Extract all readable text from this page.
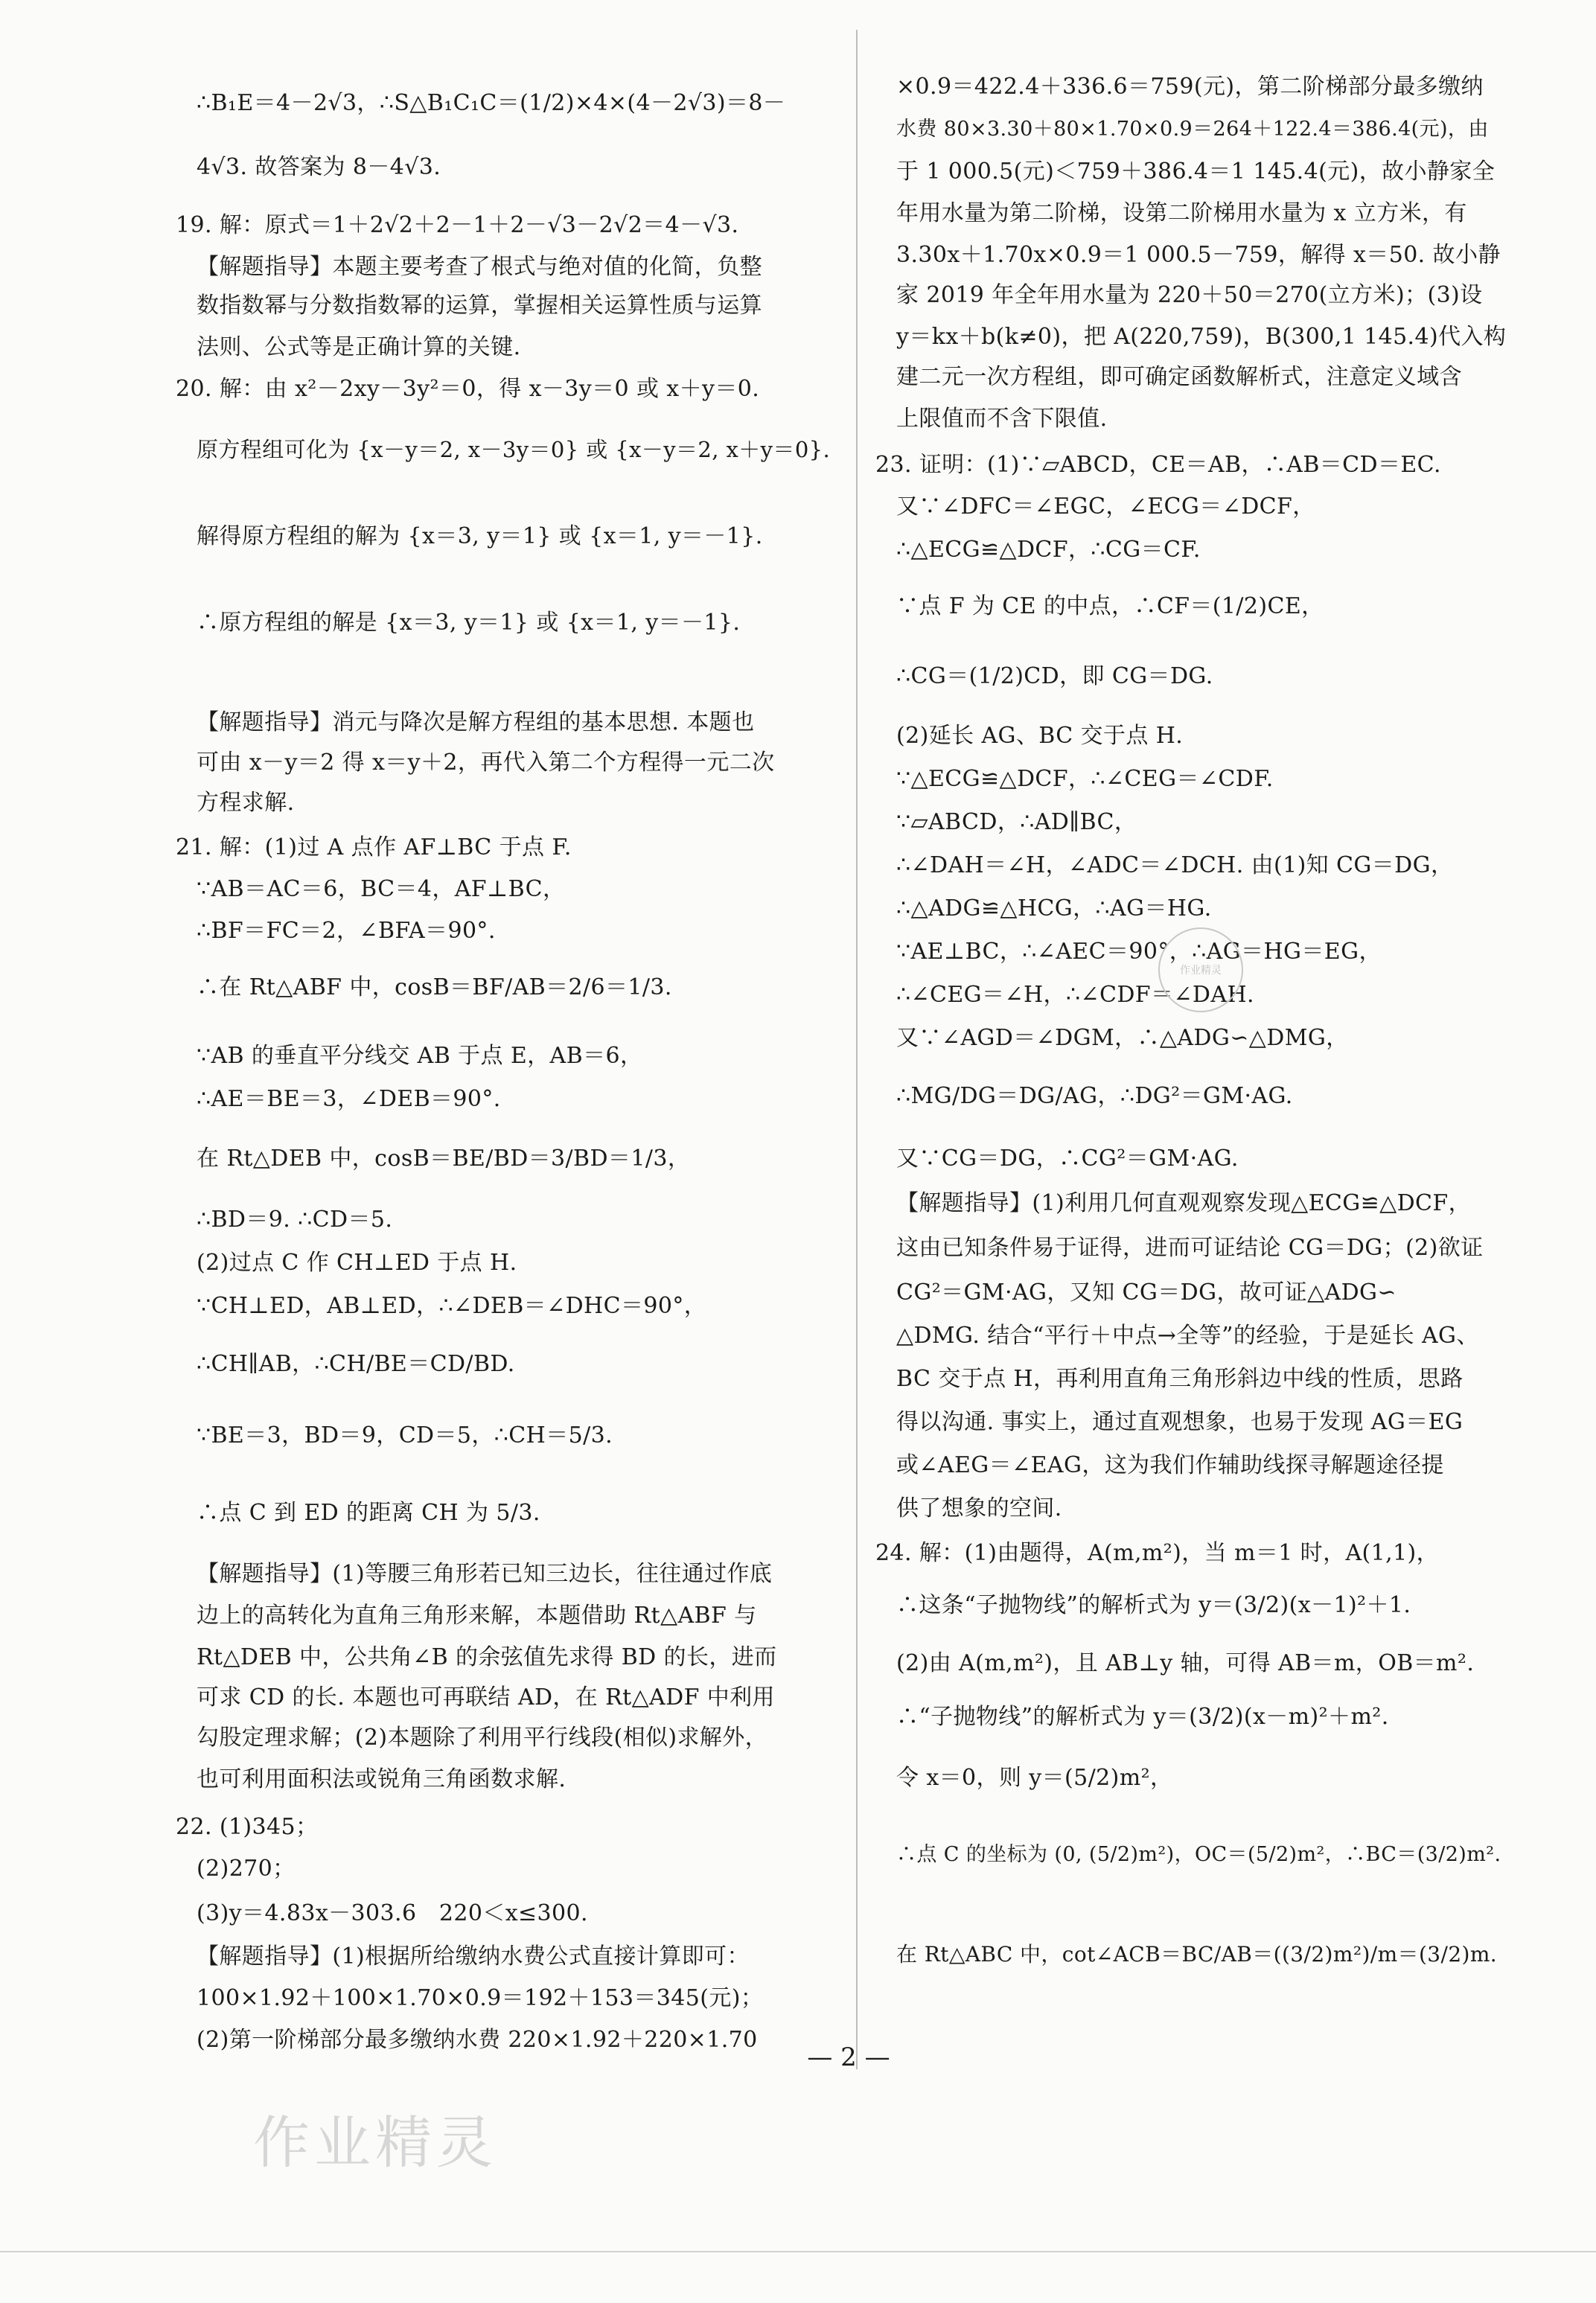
∴B₁E＝4－2√3，∴S△B₁C₁C＝(1/2)×4×(4－2√3)＝8－
4√3. 故答案为 8－4√3.
19. 解：原式＝1＋2√2＋2－1＋2－√3－2√2＝4－√3.
【解题指导】本题主要考查了根式与绝对值的化简，负整
数指数幂与分数指数幂的运算，掌握相关运算性质与运算
法则、公式等是正确计算的关键.
20. 解：由 x²－2xy－3y²＝0，得 x－3y＝0 或 x＋y＝0.
原方程组可化为 {x－y＝2, x－3y＝0} 或 {x－y＝2, x＋y＝0}.
解得原方程组的解为 {x＝3, y＝1} 或 {x＝1, y＝－1}.
∴原方程组的解是 {x＝3, y＝1} 或 {x＝1, y＝－1}.
【解题指导】消元与降次是解方程组的基本思想. 本题也
可由 x－y＝2 得 x＝y＋2，再代入第二个方程得一元二次
方程求解.
21. 解：(1)过 A 点作 AF⊥BC 于点 F.
∵AB＝AC＝6，BC＝4，AF⊥BC，
∴BF＝FC＝2，∠BFA＝90°.
∴在 Rt△ABF 中，cosB＝BF/AB＝2/6＝1/3.
∵AB 的垂直平分线交 AB 于点 E，AB＝6，
∴AE＝BE＝3，∠DEB＝90°.
在 Rt△DEB 中，cosB＝BE/BD＝3/BD＝1/3，
∴BD＝9. ∴CD＝5.
(2)过点 C 作 CH⊥ED 于点 H.
∵CH⊥ED，AB⊥ED，∴∠DEB＝∠DHC＝90°，
∴CH∥AB，∴CH/BE＝CD/BD.
∵BE＝3，BD＝9，CD＝5，∴CH＝5/3.
∴点 C 到 ED 的距离 CH 为 5/3.
【解题指导】(1)等腰三角形若已知三边长，往往通过作底
边上的高转化为直角三角形来解，本题借助 Rt△ABF 与
Rt△DEB 中，公共角∠B 的余弦值先求得 BD 的长，进而
可求 CD 的长. 本题也可再联结 AD，在 Rt△ADF 中利用
勾股定理求解；(2)本题除了利用平行线段(相似)求解外，
也可利用面积法或锐角三角函数求解.
22. (1)345；
(2)270；
(3)y＝4.83x－303.6　220＜x≤300.
【解题指导】(1)根据所给缴纳水费公式直接计算即可：
100×1.92＋100×1.70×0.9＝192＋153＝345(元)；
(2)第一阶梯部分最多缴纳水费 220×1.92＋220×1.70
×0.9＝422.4＋336.6＝759(元)，第二阶梯部分最多缴纳
水费 80×3.30＋80×1.70×0.9＝264＋122.4＝386.4(元)，由
于 1 000.5(元)＜759＋386.4＝1 145.4(元)，故小静家全
年用水量为第二阶梯，设第二阶梯用水量为 x 立方米，有
3.30x＋1.70x×0.9＝1 000.5－759，解得 x＝50. 故小静
家 2019 年全年用水量为 220＋50＝270(立方米)；(3)设
y＝kx＋b(k≠0)，把 A(220,759)，B(300,1 145.4)代入构
建二元一次方程组，即可确定函数解析式，注意定义域含
上限值而不含下限值.
23. 证明：(1)∵▱ABCD，CE＝AB，∴AB＝CD＝EC.
又∵∠DFC＝∠EGC，∠ECG＝∠DCF，
∴△ECG≌△DCF，∴CG＝CF.
∵点 F 为 CE 的中点，∴CF＝(1/2)CE，
∴CG＝(1/2)CD，即 CG＝DG.
(2)延长 AG、BC 交于点 H.
∵△ECG≌△DCF，∴∠CEG＝∠CDF.
∵▱ABCD，∴AD∥BC，
∴∠DAH＝∠H，∠ADC＝∠DCH. 由(1)知 CG＝DG，
∴△ADG≌△HCG，∴AG＝HG.
∵AE⊥BC，∴∠AEC＝90°，∴AG＝HG＝EG，
∴∠CEG＝∠H，∴∠CDF＝∠DAH.
又∵∠AGD＝∠DGM，∴△ADG∽△DMG，
∴MG/DG＝DG/AG，∴DG²＝GM·AG.
又∵CG＝DG，∴CG²＝GM·AG.
【解题指导】(1)利用几何直观观察发现△ECG≌△DCF，
这由已知条件易于证得，进而可证结论 CG＝DG；(2)欲证
CG²＝GM·AG，又知 CG＝DG，故可证△ADG∽
△DMG. 结合“平行＋中点→全等”的经验，于是延长 AG、
BC 交于点 H，再利用直角三角形斜边中线的性质，思路
得以沟通. 事实上，通过直观想象，也易于发现 AG＝EG
或∠AEG＝∠EAG，这为我们作辅助线探寻解题途径提
供了想象的空间.
24. 解：(1)由题得，A(m,m²)，当 m＝1 时，A(1,1)，
∴这条“子抛物线”的解析式为 y＝(3/2)(x－1)²＋1.
(2)由 A(m,m²)，且 AB⊥y 轴，可得 AB＝m，OB＝m².
∴“子抛物线”的解析式为 y＝(3/2)(x－m)²＋m².
令 x＝0，则 y＝(5/2)m²，
∴点 C 的坐标为 (0, (5/2)m²)，OC＝(5/2)m²，∴BC＝(3/2)m².
在 Rt△ABC 中，cot∠ACB＝BC/AB＝((3/2)m²)/m＝(3/2)m.
— 2 —
作业精灵
作业精灵
